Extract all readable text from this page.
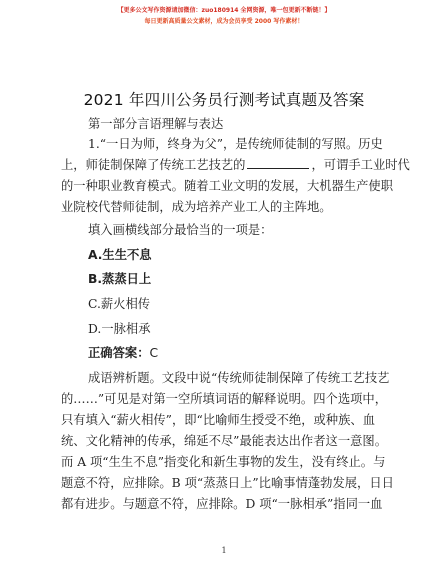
【更多公文写作资源请加微信：zuo180914 全网资源，唯一包更新不断链！】
每日更新高质量公文素材，成为会员享受 2000 写作素材！
2021 年四川公务员行测考试真题及答案
第一部分言语理解与表达
1.“一日为师，终身为父”，是传统师徒制的写照。历史
上，师徒制保障了传统工艺技艺的	，可谓手工业时代
的一种职业教育模式。随着工业文明的发展，大机器生产使职
业院校代替师徒制，成为培养产业工人的主阵地。
填入画横线部分最恰当的一项是：
A.生生不息
B.蒸蒸日上
C.薪火相传
D.一脉相承
正确答案：C
成语辨析题。文段中说“传统师徒制保障了传统工艺技艺
的……”可见是对第一空所填词语的解释说明。四个选项中，
只有填入“薪火相传”，即“比喻师生授受不绝，或种族、血
统、文化精神的传承，绵延不尽”最能表达出作者这一意图。
而 A 项“生生不息”指变化和新生事物的发生，没有终止。与
题意不符，应排除。B 项“蒸蒸日上”比喻事情蓬勃发展，日日
都有进步。与题意不符，应排除。D 项“一脉相承”指同一血
1
